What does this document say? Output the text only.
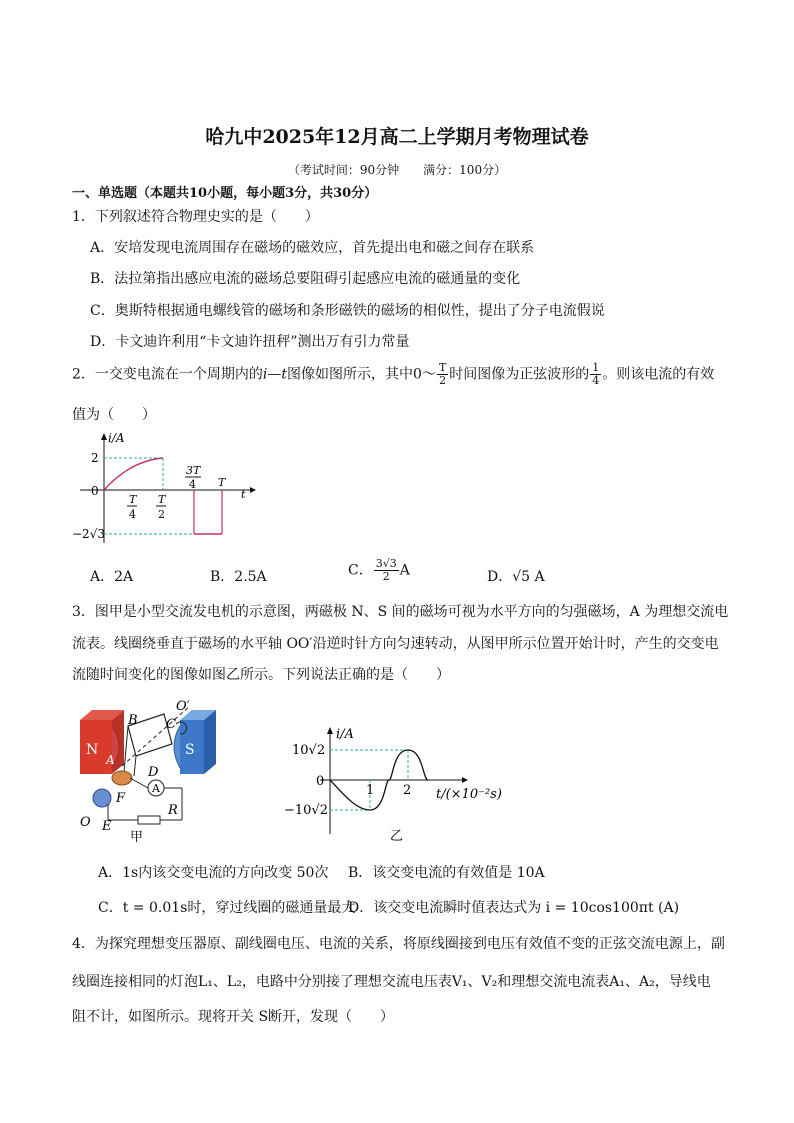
哈九中2025年12月高二上学期月考物理试卷
（考试时间：90分钟　　满分：100分）
一、单选题（本题共10小题，每小题3分，共30分）
1．下列叙述符合物理史实的是（　　）
A．安培发现电流周围存在磁场的磁效应，首先提出电和磁之间存在联系
B．法拉第指出感应电流的磁场总要阻碍引起感应电流的磁通量的变化
C．奥斯特根据通电螺线管的磁场和条形磁铁的磁场的相似性，提出了分子电流假说
D．卡文迪许利用“卡文迪许扭秤”测出万有引力常量
2．一交变电流在一个周期内的i—t图像如图所示，其中0～ $\frac{T}{2}$ 时间图像为正弦波形的 $\frac{1}{4}$ 。则该电流的有效
值为（　　）
i/A
2
0
−2√3
T
4
T
2
3T
4 T
t
A．2A	B．2.5A	C． $\frac{3√3}{2}$ A	D．√5 A
3．图甲是小型交流发电机的示意图，两磁极 N、S 间的磁场可视为水平方向的匀强磁场，A 为理想交流电
流表。线圈绕垂直于磁场的水平轴 OO′沿逆时针方向匀速转动，从图甲所示位置开始计时，产生的交变电
流随时间变化的图像如图乙所示。下列说法正确的是（　　）
N	S
B C
O′
A
D
A
F
R
O E
甲
i/A
10√2
0
−10√2
1 2 t/(×10⁻²s)
乙
A．1s内该交变电流的方向改变 50次 B．该交变电流的有效值是 10A
C．t = 0.01s时，穿过线圈的磁通量最大
D．该交变电流瞬时值表达式为 i = 10cos100πt (A)
4．为探究理想变压器原、副线圈电压、电流的关系，将原线圈接到电压有效值不变的正弦交流电源上，副
线圈连接相同的灯泡L₁、L₂，电路中分别接了理想交流电压表V₁、V₂和理想交流电流表A₁、A₂，导线电
阻不计，如图所示。现将开关 S断开，发现（　　）
